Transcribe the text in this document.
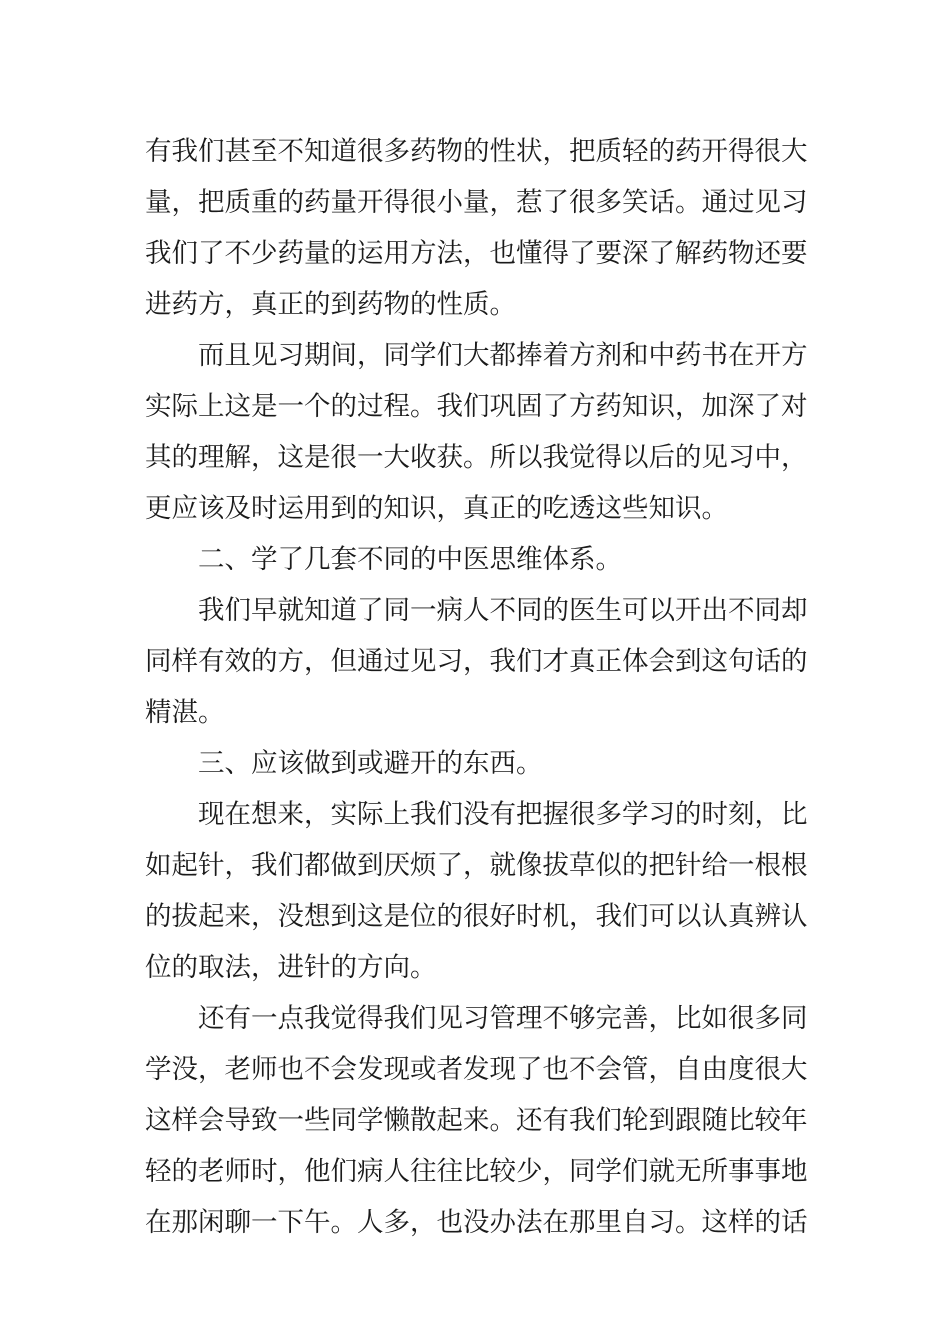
有我们甚至不知道很多药物的性状，把质轻的药开得很大
量，把质重的药量开得很小量，惹了很多笑话。通过见习
我们了不少药量的运用方法，也懂得了要深了解药物还要
进药方，真正的到药物的性质。
而且见习期间，同学们大都捧着方剂和中药书在开方
实际上这是一个的过程。我们巩固了方药知识，加深了对
其的理解，这是很一大收获。所以我觉得以后的见习中，
更应该及时运用到的知识，真正的吃透这些知识。
二、学了几套不同的中医思维体系。
我们早就知道了同一病人不同的医生可以开出不同却
同样有效的方，但通过见习，我们才真正体会到这句话的
精湛。
三、应该做到或避开的东西。
现在想来，实际上我们没有把握很多学习的时刻，比
如起针，我们都做到厌烦了，就像拔草似的把针给一根根
的拔起来，没想到这是位的很好时机，我们可以认真辨认
位的取法，进针的方向。
还有一点我觉得我们见习管理不够完善，比如很多同
学没，老师也不会发现或者发现了也不会管，自由度很大
这样会导致一些同学懒散起来。还有我们轮到跟随比较年
轻的老师时，他们病人往往比较少，同学们就无所事事地
在那闲聊一下午。人多，也没办法在那里自习。这样的话
